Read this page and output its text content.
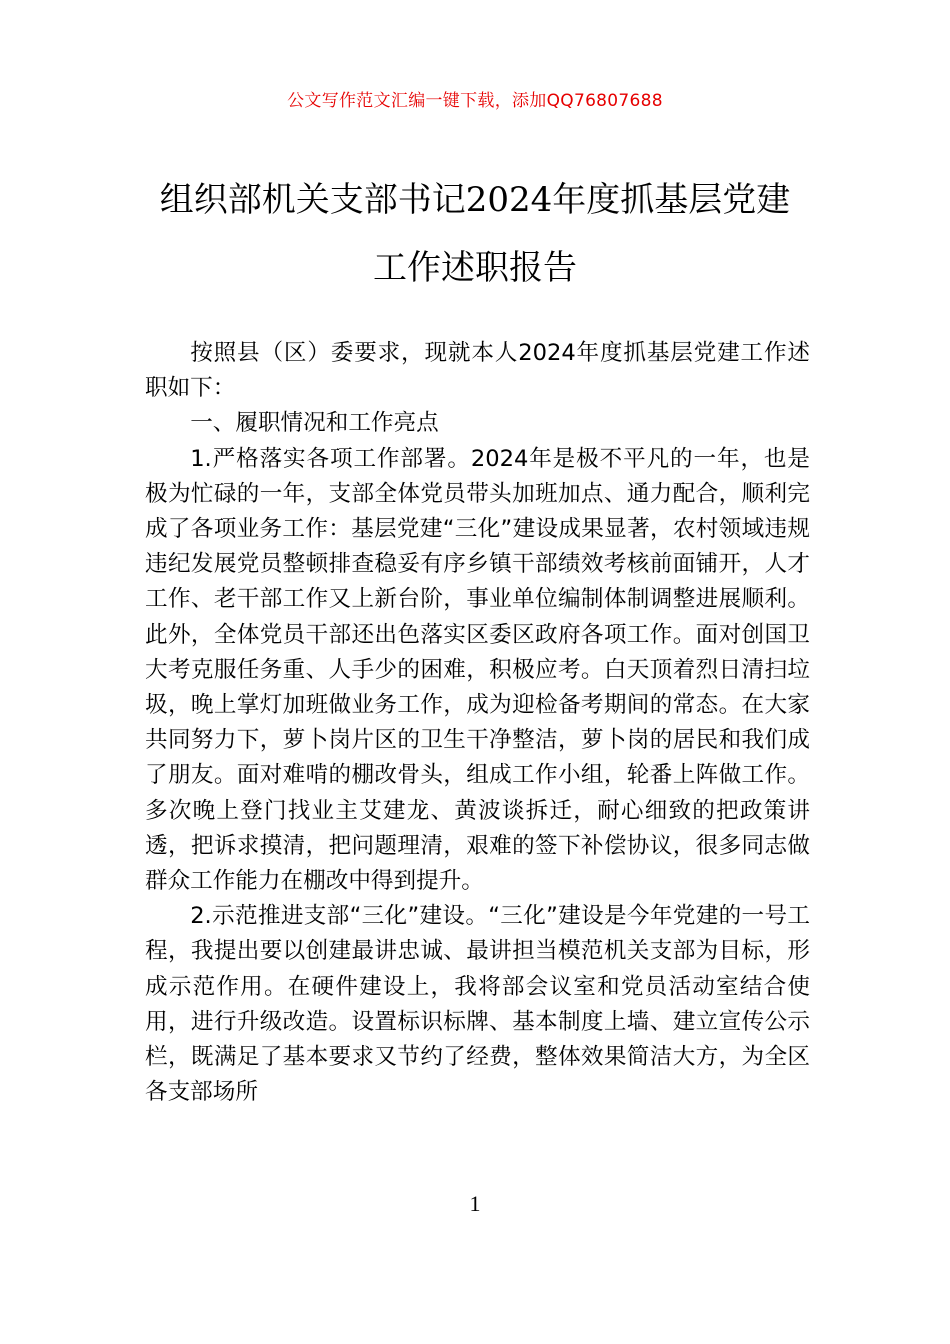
公文写作范文汇编一键下载，添加QQ76807688
组织部机关支部书记2024年度抓基层党建
工作述职报告

按照县（区）委要求，现就本人2024年度抓基层党建工作述职如下：

一、履职情况和工作亮点

1.严格落实各项工作部署。2024年是极不平凡的一年，也是极为忙碌的一年，支部全体党员带头加班加点、通力配合，顺利完成了各项业务工作：基层党建“三化”建设成果显著，农村领域违规违纪发展党员整顿排查稳妥有序乡镇干部绩效考核前面铺开，人才工作、老干部工作又上新台阶，事业单位编制体制调整进展顺利。此外，全体党员干部还出色落实区委区政府各项工作。面对创国卫大考克服任务重、人手少的困难，积极应考。白天顶着烈日清扫垃圾，晚上掌灯加班做业务工作，成为迎检备考期间的常态。在大家共同努力下，萝卜岗片区的卫生干净整洁，萝卜岗的居民和我们成了朋友。面对难啃的棚改骨头，组成工作小组，轮番上阵做工作。多次晚上登门找业主艾建龙、黄波谈拆迁，耐心细致的把政策讲透，把诉求摸清，把问题理清，艰难的签下补偿协议，很多同志做群众工作能力在棚改中得到提升。

2.示范推进支部“三化”建设。“三化”建设是今年党建的一号工程，我提出要以创建最讲忠诚、最讲担当模范机关支部为目标，形成示范作用。在硬件建设上，我将部会议室和党员活动室结合使用，进行升级改造。设置标识标牌、基本制度上墙、建立宣传公示栏，既满足了基本要求又节约了经费，整体效果简洁大方，为全区各支部场所

1
